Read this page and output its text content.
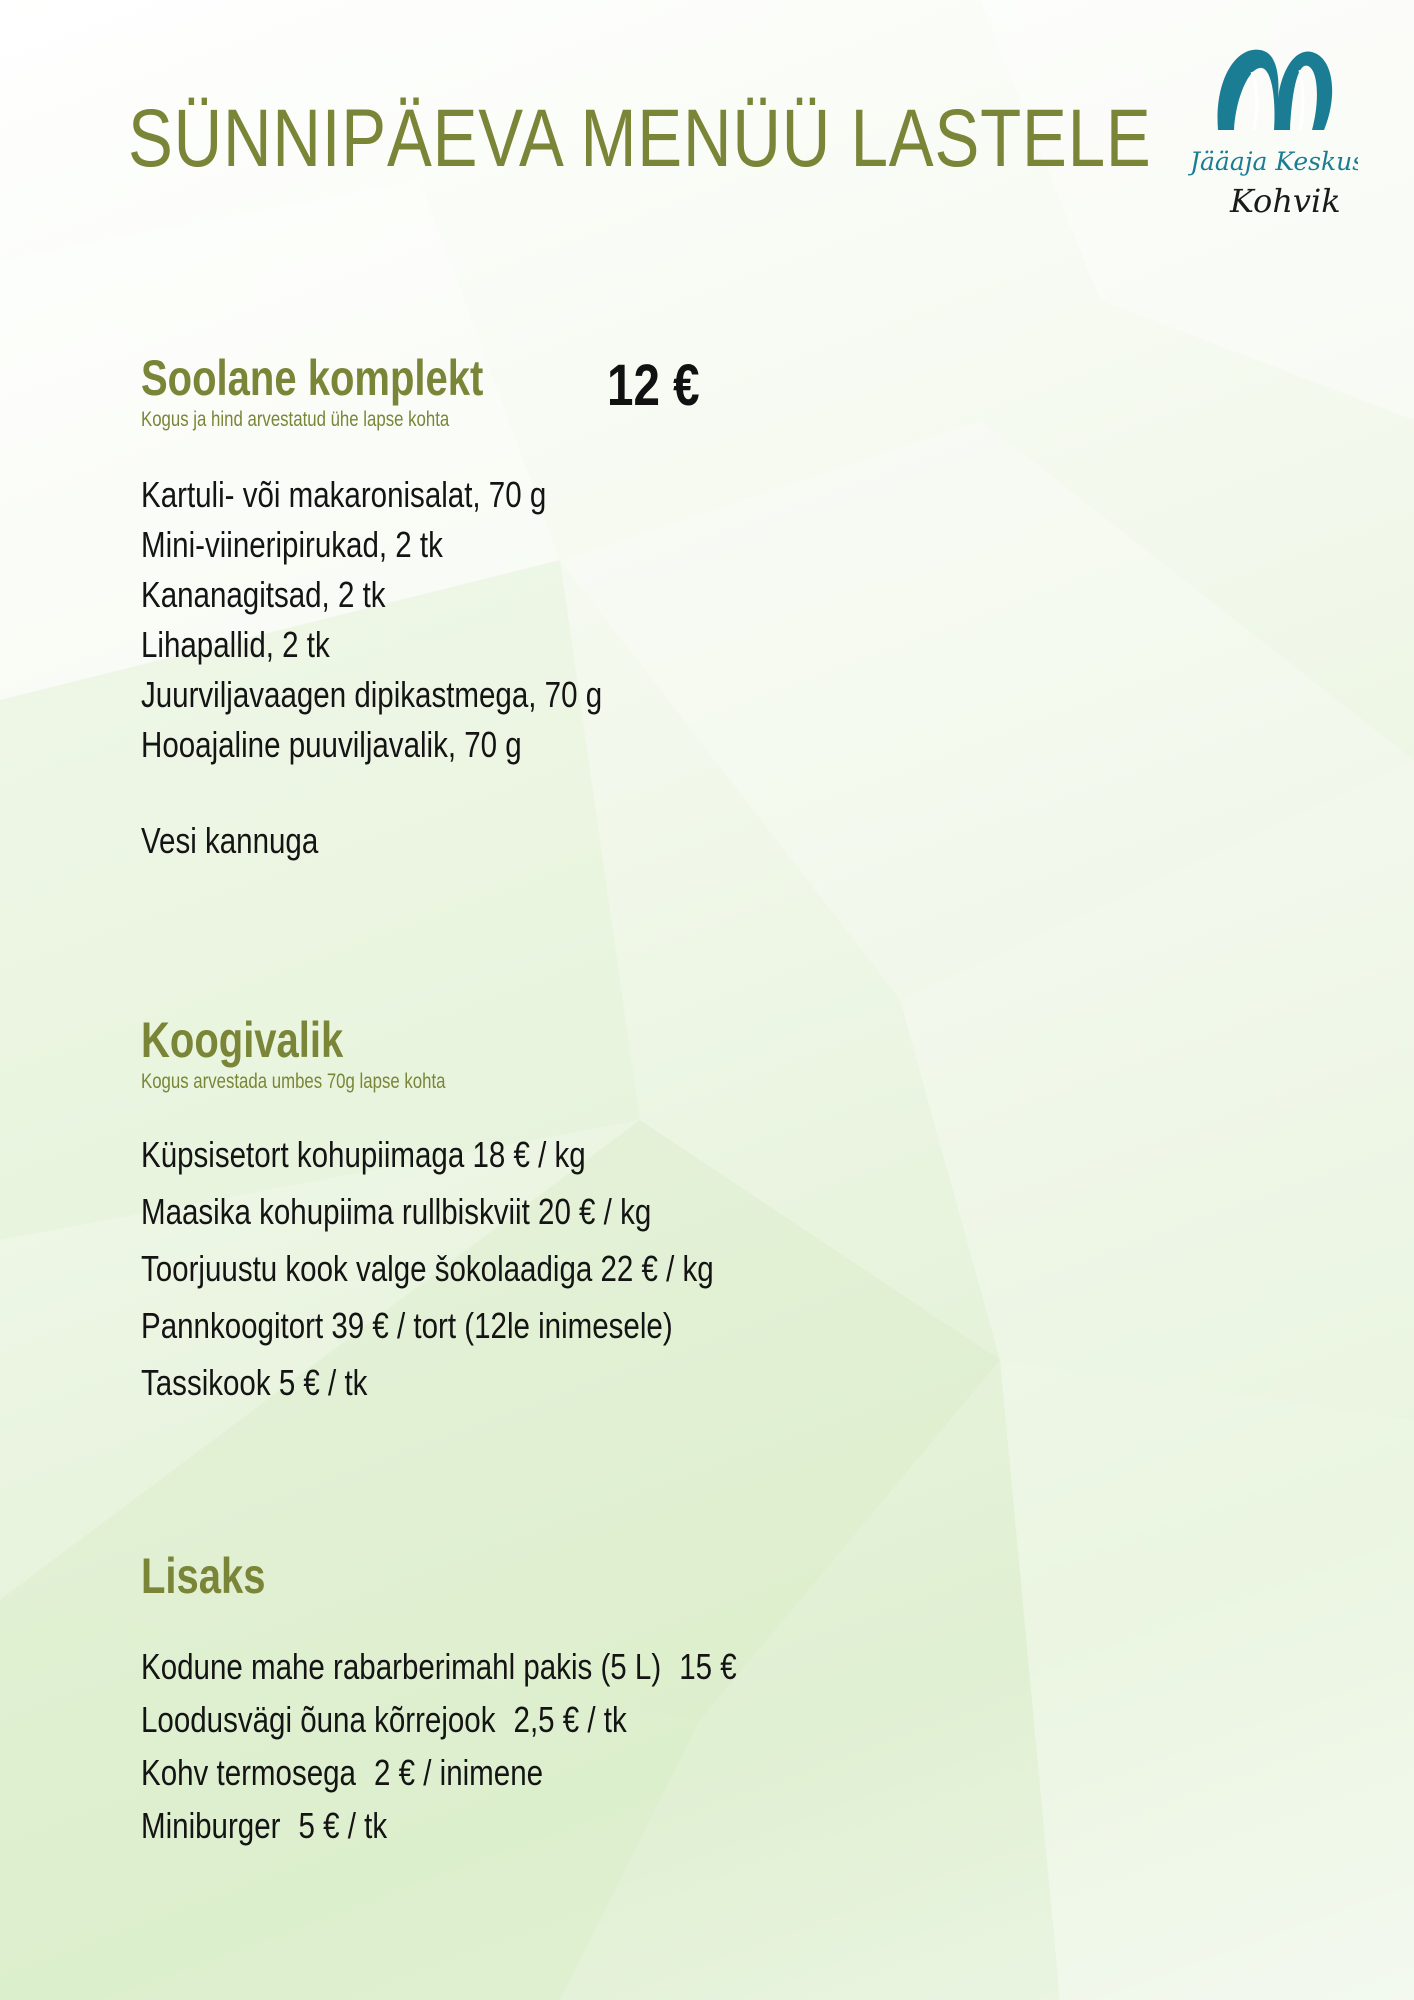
SÜNNIPÄEVA MENÜÜ LASTELE Jääaja Keskus
Kohvik
Soolane komplekt

Kogus ja hind arvestatud ühe lapse kohta

12 €

Kartuli- või makaronisalat, 70 g
Mini-viineripirukad, 2 tk
Kananagitsad, 2 tk
Lihapallid, 2 tk
Juurviljavaagen dipikastmega, 70 g
Hooajaline puuviljavalik, 70 g

Vesi kannuga

Koogivalik

Kogus arvestada umbes 70g lapse kohta

Küpsisetort kohupiimaga 18 € / kg
Maasika kohupiima rullbiskviit 20 € / kg
Toorjuustu kook valge šokolaadiga 22 € / kg
Pannkoogitort 39 € / tort (12le inimesele)
Tassikook 5 € / tk
Lisaks
Kodune mahe rabarberimahl pakis (5 L) 15 €
Loodusvägi õuna kõrrejook 2,5 € / tk
Kohv termosega 2 € / inimene
Miniburger 5 € / tk
